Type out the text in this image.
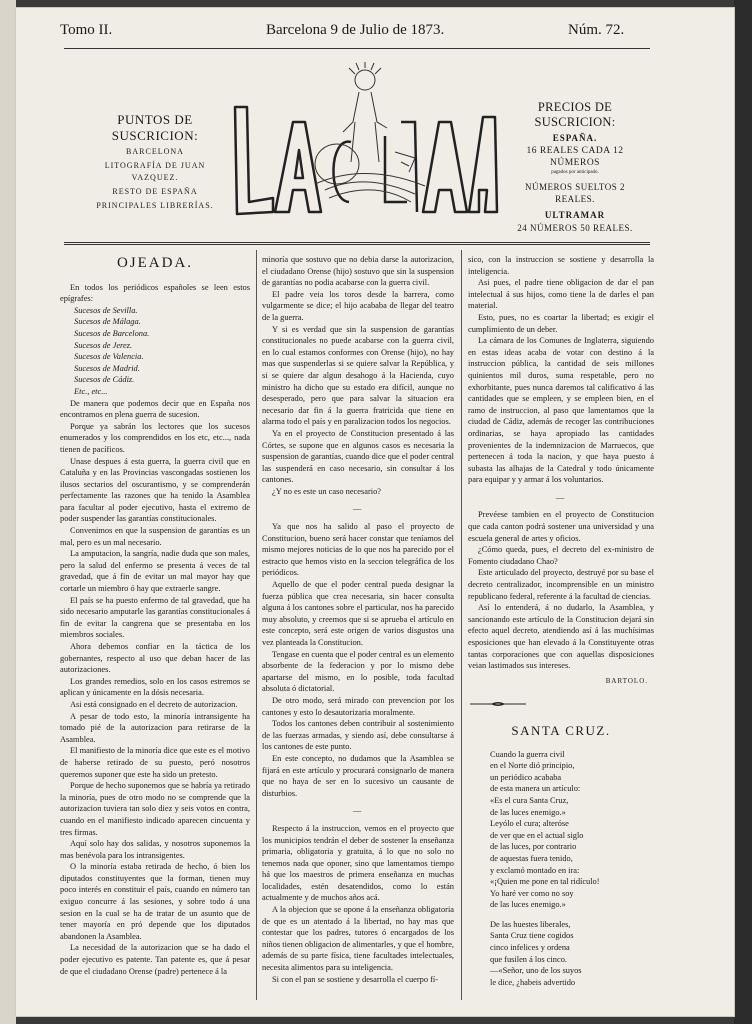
Tomo II.	Barcelona 9 de Julio de 1873.	Núm. 72.
PUNTOS DE SUSCRICION:
BARCELONA
LITOGRAFÍA DE JUAN VAZQUEZ.
RESTO DE ESPAÑA
PRINCIPALES LIBRERÍAS.
LA CAMPANA
PRECIOS DE SUSCRICION:
ESPAÑA.
16 REALES CADA 12 NÚMEROS
pagados por anticipado.
NÚMEROS SUELTOS 2 REALES.
ULTRAMAR
24 NÚMEROS 50 REALES.
OJEADA.

En todos los periódicos españoles se leen estos epígrafes:

Sucesos de Sevilla.
Sucesos de Málaga.
Sucesos de Barcelona.
Sucesos de Jerez.
Sucesos de Valencia.
Sucesos de Madrid.
Sucesos de Cádiz.
Etc., etc...

De manera que podemos decir que en España nos encontramos en plena guerra de sucesion.

Porque ya sabrán los lectores que los sucesos enumerados y los comprendidos en los etc, etc..., nada tienen de pacíficos.

Unase despues á esta guerra, la guerra civil que en Cataluña y en las Provincias vascongadas sostienen los ilusos sectarios del oscurantismo, y se comprenderán perfectamente las razones que ha tenido la Asamblea para facultar al poder ejecutivo, hasta el extremo de poder suspender las garantías constitucionales.

Convenimos en que la suspension de garantías es un mal, pero es un mal necesario.

La amputacion, la sangría, nadie duda que son males, pero la salud del enfermo se presenta á veces de tal gravedad, que á fin de evitar un mal mayor hay que cortarle un miembro ó hay que extraerle sangre.

El país se ha puesto enfermo de tal gravedad, que ha sido necesario amputarle las garantías constitucionales á fin de evitar la cangrena que se presentaba en los miembros sociales.

Ahora debemos confiar en la táctica de los gobernantes, respecto al uso que deban hacer de las autorizaciones.

Los grandes remedios, solo en los casos estremos se aplican y únicamente en la dósis necesaria.

Asi está consignado en el decreto de autorizacion.

A pesar de todo esto, la minoría intransigente ha tomado pié de la autorizacion para retirarse de la Asamblea.

El manifiesto de la minoría dice que este es el motivo de haberse retirado de su puesto, peró nosotros queremos suponer que este ha sido un pretesto.

Porque de hecho suponemos que se habría ya retirado la minoría, pues de otro modo no se comprende que la autorizacion tuviera tan solo diez y seis votos en contra, cuando en el manifiesto indicado aparecen cincuenta y tres firmas.

Aquí solo hay dos salidas, y nosotros suponemos la mas benévola para los intransigentes.

O la minoría estaba retirada de hecho, ó bien los diputados constituyentes que la forman, tienen muy poco interés en constituir el país, cuando en número tan exiguo concurre á las sesiones, y sobre todo á una sesion en la cual se ha de tratar de un asunto que de tener mayoría en pró depende que los diputados abandonen la Asamblea.

La necesidad de la autorizacion que se ha dado el poder ejecutivo es patente. Tan patente es, que á pesar de que el ciudadano Orense (padre) pertenece á la

minoría que sostuvo que no debia darse la autorizacion, el ciudadano Orense (hijo) sostuvo que sin la suspension de garantías no podia acabarse con la guerra civil.

El padre veia los toros desde la barrera, como vulgarmente se dice; el hijo acababa de llegar del teatro de la guerra.

Y si es verdad que sin la suspension de garantías constitucionales no puede acabarse con la guerra civil, en lo cual estamos conformes con Orense (hijo), no hay mas que suspenderlas si se quiere salvar la República, y si se quiere dar algun desahogo á la Hacienda, cuyo ministro ha dicho que su estado era difícil, aunque no desesperado, pero que para salvar la situacion era necesario dar fin á la guerra fratricida que tiene en alarma todo el país y en paralizacion todos los negocios.

Ya en el proyecto de Constitucion presentado á las Córtes, se supone que en algunos casos es necesaria la suspension de garantías, cuando dice que el poder central las suspenderá en caso necesario, sin consultar á los cantones.

¿Y no es este un caso necesario?

—

Ya que nos ha salido al paso el proyecto de Constitucion, bueno será hacer constar que teníamos del mismo mejores noticias de lo que nos ha parecido por el estracto que hemos visto en la seccion telegráfica de los periódicos.

Aquello de que el poder central pueda designar la fuerza pública que crea necesaria, sin hacer consulta alguna á los cantones sobre el particular, nos ha parecido muy absoluto, y creemos que si se aprueba el artículo en este concepto, será este origen de varios disgustos una vez planteada la Constitucion.

Tengase en cuenta que el poder central es un elemento absorbente de la federacion y por lo mismo debe apartarse del mismo, en lo posible, toda facultad absoluta ó dictatorial.

De otro modo, será mirado con prevencion por los cantones y esto lo desautorizaria moralmente.

Todos los cantones deben contribuir al sostenimiento de las fuerzas armadas, y siendo así, debe consultarse á los cantones de este punto.

En este concepto, no dudamos que la Asamblea se fijará en este artículo y procurará consignarlo de manera que no haya de ser en lo sucesivo un causante de disturbios.

—

Respecto á la instruccion, vemos en el proyecto que los municipios tendrán el deber de sostener la enseñanza primaria, obligatoria y gratuita, á lo que no solo no tenemos nada que oponer, sino que lamentamos tiempo há que los maestros de primera enseñanza en muchas localidades, estén desatendidos, como lo están actualmente y de muchos años acá.

A la objecion que se opone á la enseñanza obligatoria de que es un atentado á la libertad, no hay mas que contestar que los padres, tutores ó encargados de los niños tienen obligacion de alimentarles, y que el hombre, además de su parte física, tiene facultades intelectuales, necesita alimentos para su inteligencia.

Si con el pan se sostiene y desarrolla el cuerpo fí-

sico, con la instruccion se sostiene y desarrolla la inteligencia.

Asi pues, el padre tiene obligacion de dar el pan intelectual á sus hijos, como tiene la de darles el pan material.

Esto, pues, no es coartar la libertad; es exigir el cumplimiento de un deber.

La cámara de los Comunes de Inglaterra, siguiendo en estas ideas acaba de votar con destino á la instruccion pública, la cantidad de seis millones quinientos mil duros, suma respetable, pero no exhorbitante, pues nunca daremos tal calificativo á las cantidades que se empleen, y se empleen bien, en el ramo de instruccion, al paso que lamentamos que la ciudad de Cádiz, además de recoger las contribuciones ordinarias, se haya apropiado las cantidades provenientes de la indemnizacion de Marruecos, que pertenecen á toda la nacion, y que haya puesto á subasta las alhajas de la Catedral y todo únicamente para equipar y y armar á los voluntarios.

—

Prevéese tambien en el proyecto de Constitucion que cada canton podrá sostener una universidad y una escuela general de artes y oficios.

¿Cómo queda, pues, el decreto del ex-ministro de Fomento ciudadano Chao?

Este articulado del proyecto, destruyé por su base el decreto centralizador, incomprensible en un ministro republicano federal, referente á la facultad de ciencias.

Así lo entenderá, á no dudarlo, la Asamblea, y sancionando este artículo de la Constitucion dejará sin efecto aquel decreto, atendiendo así á las muchísimas esposiciones que han elevado á la Constituyente otras tantas corporaciones que con aquellas disposiciones veian lastimados sus intereses.

BARTOLO.
SANTA CRUZ.
Cuando la guerra civil
en el Norte dió principio,
un periódico acababa
de esta manera un artículo:
«Es el cura Santa Cruz,
de las luces enemigo.»
Leyólo el cura; alteróse
de ver que en el actual siglo
de las luces, por contrario
de aquestas fuera tenido,
y exclamó montado en ira:
«¡Quien me pone en tal ridículo!
Yo haré ver como no soy
de las luces enemigo.»
De las huestes liberales,
Santa Cruz tiene cogidos
cinco infelices y ordena
que fusilen á los cinco.
—«Señor, uno de los suyos
le dice, ¿habeis advertido
